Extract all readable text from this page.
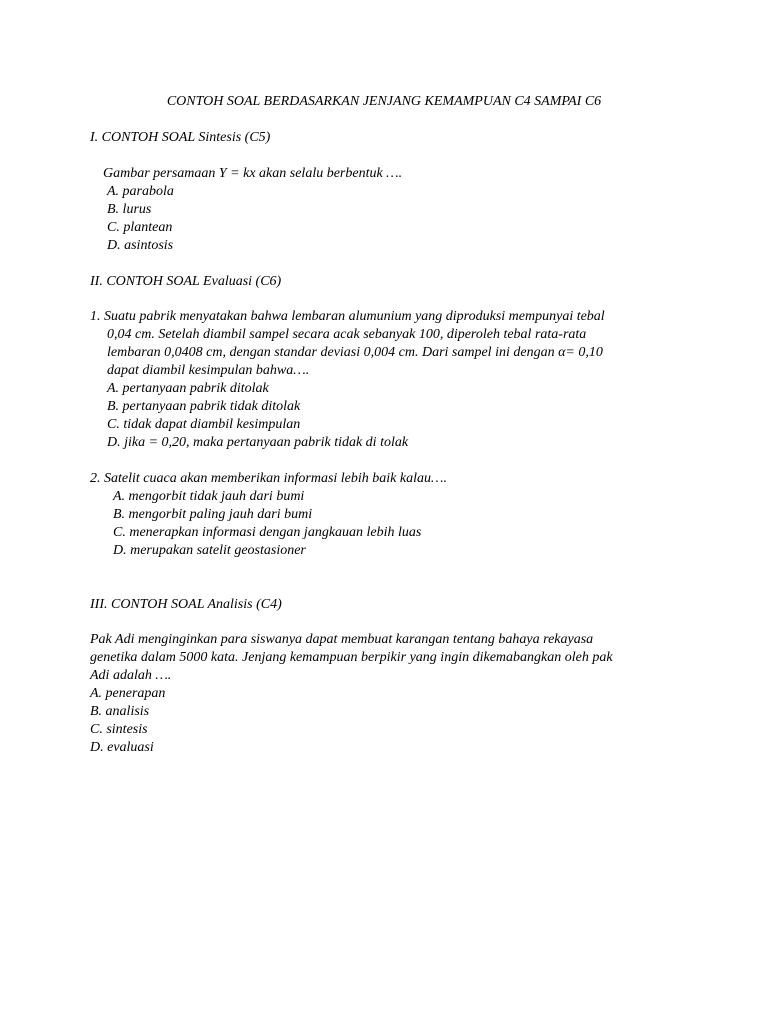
CONTOH SOAL BERDASARKAN JENJANG KEMAMPUAN C4 SAMPAI C6
I. CONTOH SOAL Sintesis (C5)
Gambar persamaan Y = kx akan selalu berbentuk ….
A. parabola
B. lurus
C. plantean
D. asintosis
II. CONTOH SOAL Evaluasi (C6)
1. Suatu pabrik menyatakan bahwa lembaran alumunium yang diproduksi mempunyai tebal
0,04 cm. Setelah diambil sampel secara acak sebanyak 100, diperoleh tebal rata-rata
lembaran 0,0408 cm, dengan standar deviasi 0,004 cm. Dari sampel ini dengan α= 0,10
dapat diambil kesimpulan bahwa….
A. pertanyaan pabrik ditolak
B. pertanyaan pabrik tidak ditolak
C. tidak dapat diambil kesimpulan
D. jika = 0,20, maka pertanyaan pabrik tidak di tolak
2. Satelit cuaca akan memberikan informasi lebih baik kalau….
A. mengorbit tidak jauh dari bumi
B. mengorbit paling jauh dari bumi
C. menerapkan informasi dengan jangkauan lebih luas
D. merupakan satelit geostasioner
III. CONTOH SOAL Analisis (C4)
Pak Adi menginginkan para siswanya dapat membuat karangan tentang bahaya rekayasa
genetika dalam 5000 kata. Jenjang kemampuan berpikir yang ingin dikemabangkan oleh pak
Adi adalah ….
A. penerapan
B. analisis
C. sintesis
D. evaluasi
